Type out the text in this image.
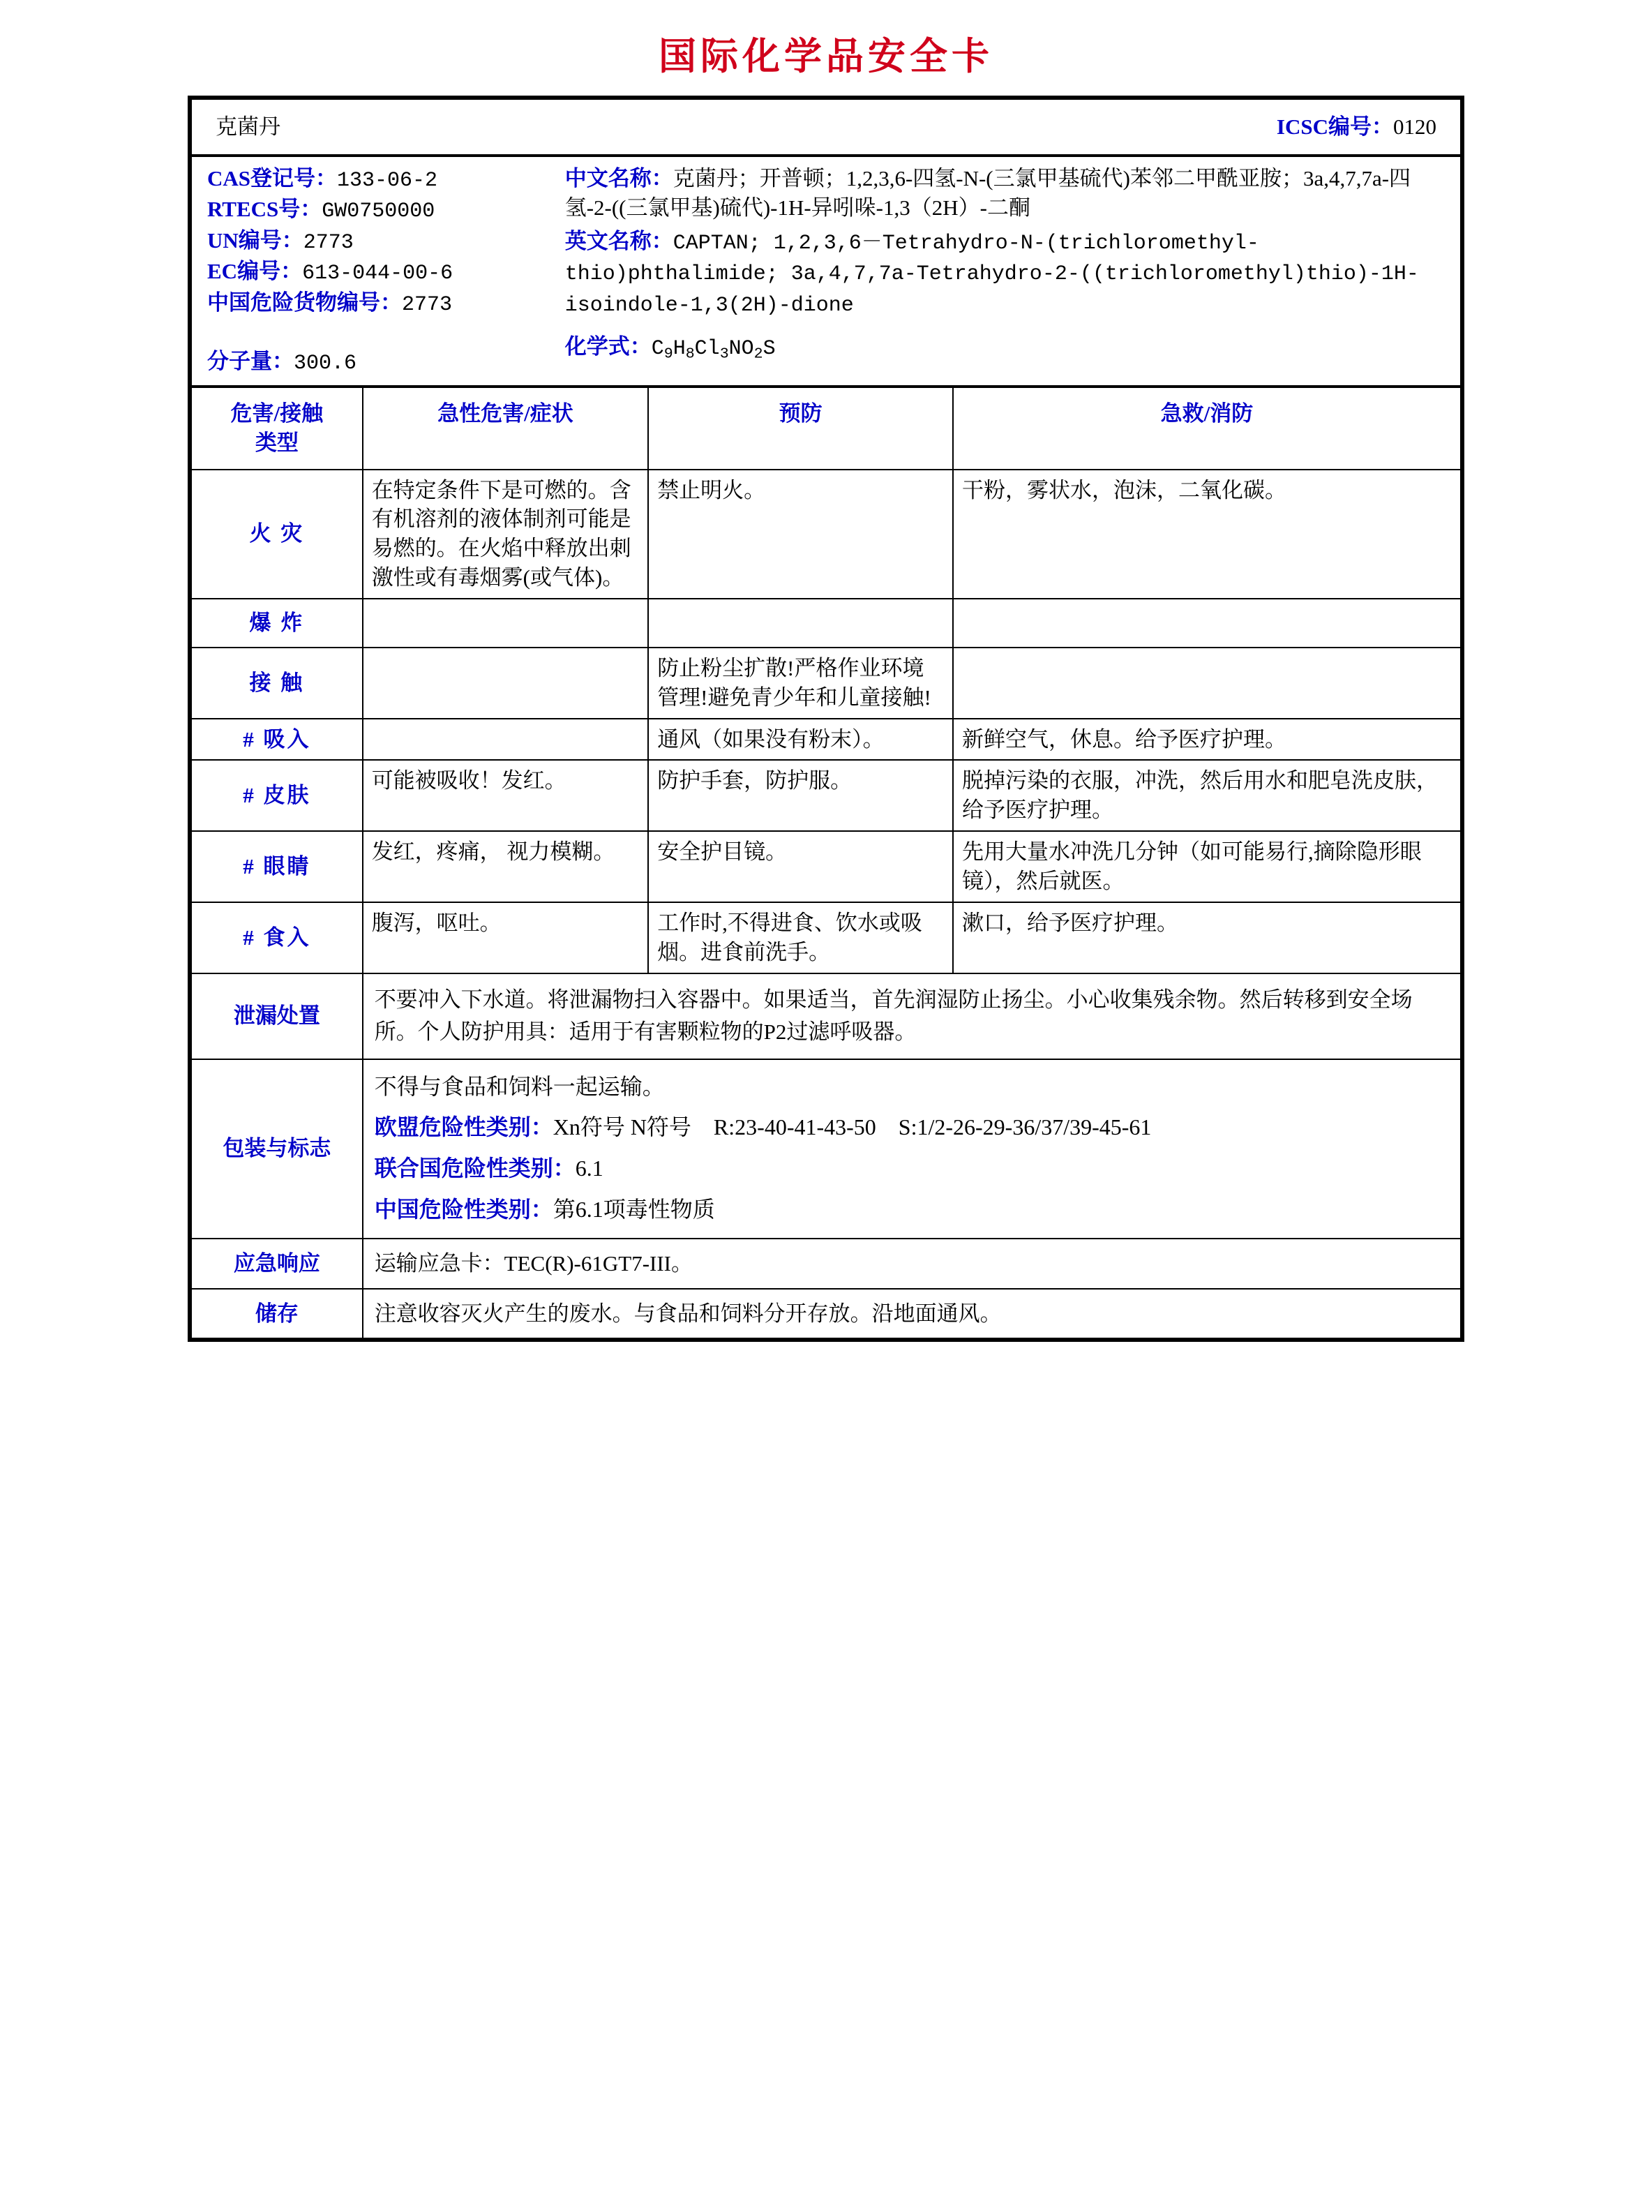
国际化学品安全卡
克菌丹	ICSC编号：0120
CAS登记号：133-06-2
RTECS号：GW0750000
UN编号：2773
EC编号：613-044-00-6
中国危险货物编号：2773
分子量：300.6

中文名称：克菌丹；开普顿；1,2,3,6-四氢-N-(三氯甲基硫代)苯邻二甲酰亚胺；3a,4,7,7a-四氢-2-((三氯甲基)硫代)-1H-异吲哚-1,3（2H）-二酮
英文名称：CAPTAN; 1,2,3,6－Tetrahydro-N-(trichloromethyl- thio)phthalimide; 3a,4,7,7a-Tetrahydro-2-((trichloromethyl)thio)-1H-isoindole-1,3(2H)-dione
化学式：$C_9H_8Cl_3NO_2S$
危害/接触
类型	急性危害/症状	预防	急救/消防
火 灾	在特定条件下是可燃的。含有机溶剂的液体制剂可能是易燃的。在火焰中释放出刺激性或有毒烟雾(或气体)。	禁止明火。	干粉，雾状水，泡沫，二氧化碳。
爆 炸			
接 触		防止粉尘扩散!严格作业环境管理!避免青少年和儿童接触!	
# 吸入		通风（如果没有粉末）。	新鲜空气，休息。给予医疗护理。
# 皮肤	可能被吸收！发红。	防护手套，防护服。	脱掉污染的衣服，冲洗，然后用水和肥皂洗皮肤，给予医疗护理。
# 眼睛	发红，疼痛， 视力模糊。	安全护目镜。	先用大量水冲洗几分钟（如可能易行,摘除隐形眼镜），然后就医。
# 食入	腹泻，呕吐。	工作时,不得进食、饮水或吸烟。进食前洗手。	漱口，给予医疗护理。
泄漏处置	不要冲入下水道。将泄漏物扫入容器中。如果适当，首先润湿防止扬尘。小心收集残余物。然后转移到安全场所。个人防护用具：适用于有害颗粒物的P2过滤呼吸器。		
包装与标志	不得与食品和饲料一起运输。

欧盟危险性类别：Xn符号 N符号　R:23-40-41-43-50　S:1/2-26-29-36/37/39-45-61

联合国危险性类别：6.1

中国危险性类别：第6.1项毒性物质		

应急响应	运输应急卡：TEC(R)-61GT7-III。		
储存	注意收容灭火产生的废水。与食品和饲料分开存放。沿地面通风。		
